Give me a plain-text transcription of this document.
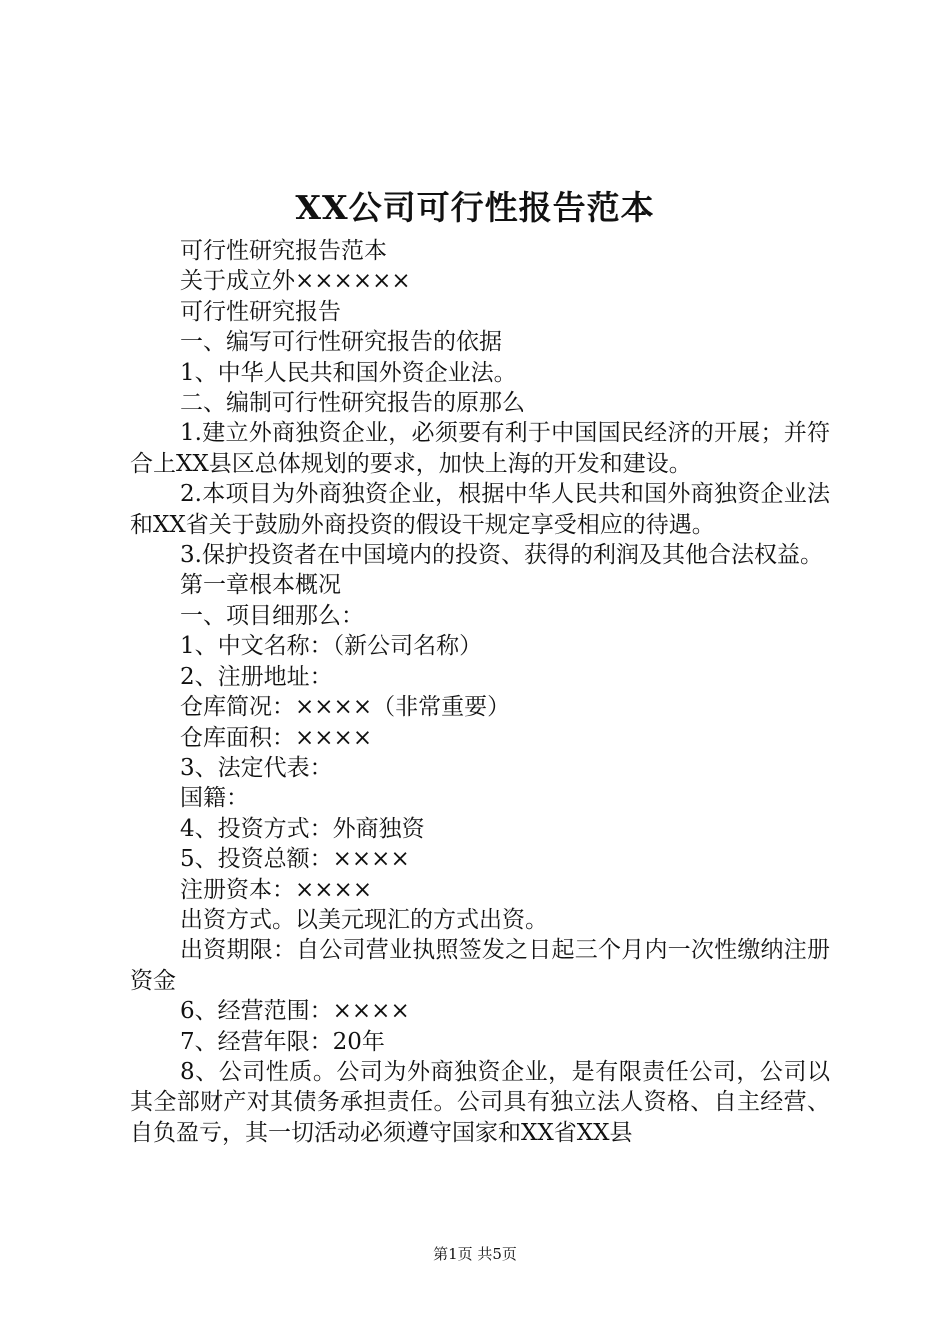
XX公司可行性报告范本

可行性研究报告范本

关于成立外××××××

可行性研究报告

一、编写可行性研究报告的依据

1、中华人民共和国外资企业法。

二、编制可行性研究报告的原那么

1.建立外商独资企业，必须要有利于中国国民经济的开展；并符合上XX县区总体规划的要求，加快上海的开发和建设。

2.本项目为外商独资企业，根据中华人民共和国外商独资企业法和XX省关于鼓励外商投资的假设干规定享受相应的待遇。

3.保护投资者在中国境内的投资、获得的利润及其他合法权益。

第一章根本概况

一、项目细那么：

1、中文名称：（新公司名称）

2、注册地址：

仓库简况：××××（非常重要）

仓库面积：××××

3、法定代表：

国籍：

4、投资方式：外商独资

5、投资总额：××××

注册资本：××××

出资方式。以美元现汇的方式出资。

出资期限：自公司营业执照签发之日起三个月内一次性缴纳注册资金

6、经营范围：××××

7、经营年限：20年

8、公司性质。公司为外商独资企业，是有限责任公司，公司以其全部财产对其债务承担责任。公司具有独立法人资格、自主经营、自负盈亏，其一切活动必须遵守国家和XX省XX县

第1页 共5页
